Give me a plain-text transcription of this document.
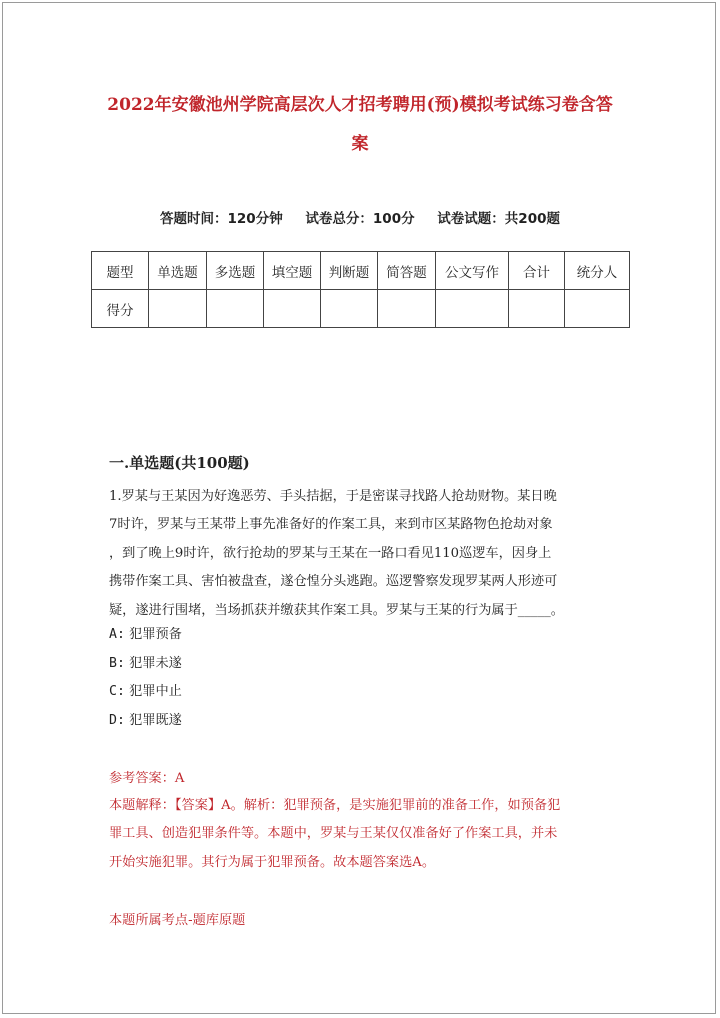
2022年安徽池州学院高层次人才招考聘用(预)模拟考试练习卷含答
案
答题时间：120分钟 试卷总分：100分 试卷试题：共200题
题型	单选题	多选题	填空题	判断题	简答题	公文写作	合计	统分人
得分								
一.单选题(共100题)
1.罗某与王某因为好逸恶劳、手头拮据，于是密谋寻找路人抢劫财物。某日晚
7时许，罗某与王某带上事先准备好的作案工具，来到市区某路物色抢劫对象
，到了晚上9时许，欲行抢劫的罗某与王某在一路口看见110巡逻车，因身上
携带作案工具、害怕被盘查，遂仓惶分头逃跑。巡逻警察发现罗某两人形迹可
疑，遂进行围堵，当场抓获并缴获其作案工具。罗某与王某的行为属于_____。
A: 犯罪预备
B: 犯罪未遂
C: 犯罪中止
D: 犯罪既遂
参考答案：A
本题解释：【答案】A。解析：犯罪预备，是实施犯罪前的准备工作，如预备犯
罪工具、创造犯罪条件等。本题中，罗某与王某仅仅准备好了作案工具，并未
开始实施犯罪。其行为属于犯罪预备。故本题答案选A。
本题所属考点-题库原题
